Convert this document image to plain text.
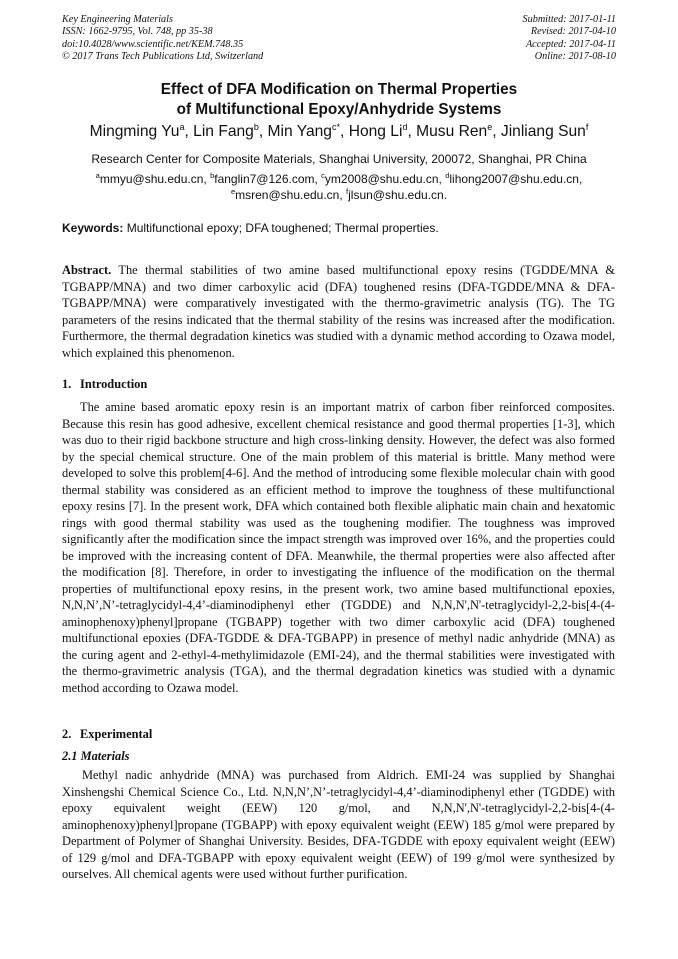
Key Engineering Materials
ISSN: 1662-9795, Vol. 748, pp 35-38
doi:10.4028/www.scientific.net/KEM.748.35
© 2017 Trans Tech Publications Ltd, Switzerland
Submitted: 2017-01-11
Revised: 2017-04-10
Accepted: 2017-04-11
Online: 2017-08-10
Effect of DFA Modification on Thermal Properties
of Multifunctional Epoxy/Anhydride Systems
Mingming Yu$^a$, Lin Fang$^b$, Min Yang$^{c*}$, Hong Li$^d$, Musu Ren$^e$, Jinliang Sun$^f$
Research Center for Composite Materials, Shanghai University, 200072, Shanghai, PR China
$^a$mmyu@shu.edu.cn, $^b$fanglin7@126.com, $^c$ym2008@shu.edu.cn, $^d$lihong2007@shu.edu.cn,
$^e$msren@shu.edu.cn, $^f$jlsun@shu.edu.cn.
Keywords: Multifunctional epoxy; DFA toughened; Thermal properties.
Abstract. The thermal stabilities of two amine based multifunctional epoxy resins (TGDDE/MNA & TGBAPP/MNA) and two dimer carboxylic acid (DFA) toughened resins (DFA-TGDDE/MNA & DFA-TGBAPP/MNA) were comparatively investigated with the thermo-gravimetric analysis (TG). The TG parameters of the resins indicated that the thermal stability of the resins was increased after the modification. Furthermore, the thermal degradation kinetics was studied with a dynamic method according to Ozawa model, which explained this phenomenon.
1. Introduction
The amine based aromatic epoxy resin is an important matrix of carbon fiber reinforced composites. Because this resin has good adhesive, excellent chemical resistance and good thermal properties [1-3], which was duo to their rigid backbone structure and high cross-linking density. However, the defect was also formed by the special chemical structure. One of the main problem of this material is brittle. Many method were developed to solve this problem[4-6]. And the method of introducing some flexible molecular chain with good thermal stability was considered as an efficient method to improve the toughness of these multifunctional epoxy resins [7]. In the present work, DFA which contained both flexible aliphatic main chain and hexatomic rings with good thermal stability was used as the toughening modifier. The toughness was improved significantly after the modification since the impact strength was improved over 16%, and the properties could be improved with the increasing content of DFA. Meanwhile, the thermal properties were also affected after the modification [8]. Therefore, in order to investigating the influence of the modification on the thermal properties of multifunctional epoxy resins, in the present work, two amine based multifunctional epoxies, N,N,N’,N’-tetraglycidyl-4,4’-diaminodiphenyl ether (TGDDE) and N,N,N',N'-tetraglycidyl-2,2-bis[4-(4-aminophenoxy)phenyl]propane (TGBAPP) together with two dimer carboxylic acid (DFA) toughened multifunctional epoxies (DFA-TGDDE & DFA-TGBAPP) in presence of methyl nadic anhydride (MNA) as the curing agent and 2-ethyl-4-methylimidazole (EMI-24), and the thermal stabilities were investigated with the thermo-gravimetric analysis (TGA), and the thermal degradation kinetics was studied with a dynamic method according to Ozawa model.
2. Experimental
2.1 Materials
Methyl nadic anhydride (MNA) was purchased from Aldrich. EMI-24 was supplied by Shanghai Xinshengshi Chemical Science Co., Ltd. N,N,N’,N’-tetraglycidyl-4,4’-diaminodiphenyl ether (TGDDE) with epoxy equivalent weight (EEW) 120 g/mol, and N,N,N',N'-tetraglycidyl-2,2-bis[4-(4-aminophenoxy)phenyl]propane (TGBAPP) with epoxy equivalent weight (EEW) 185 g/mol were prepared by Department of Polymer of Shanghai University. Besides, DFA-TGDDE with epoxy equivalent weight (EEW) of 129 g/mol and DFA-TGBAPP with epoxy equivalent weight (EEW) of 199 g/mol were synthesized by ourselves. All chemical agents were used without further purification.
